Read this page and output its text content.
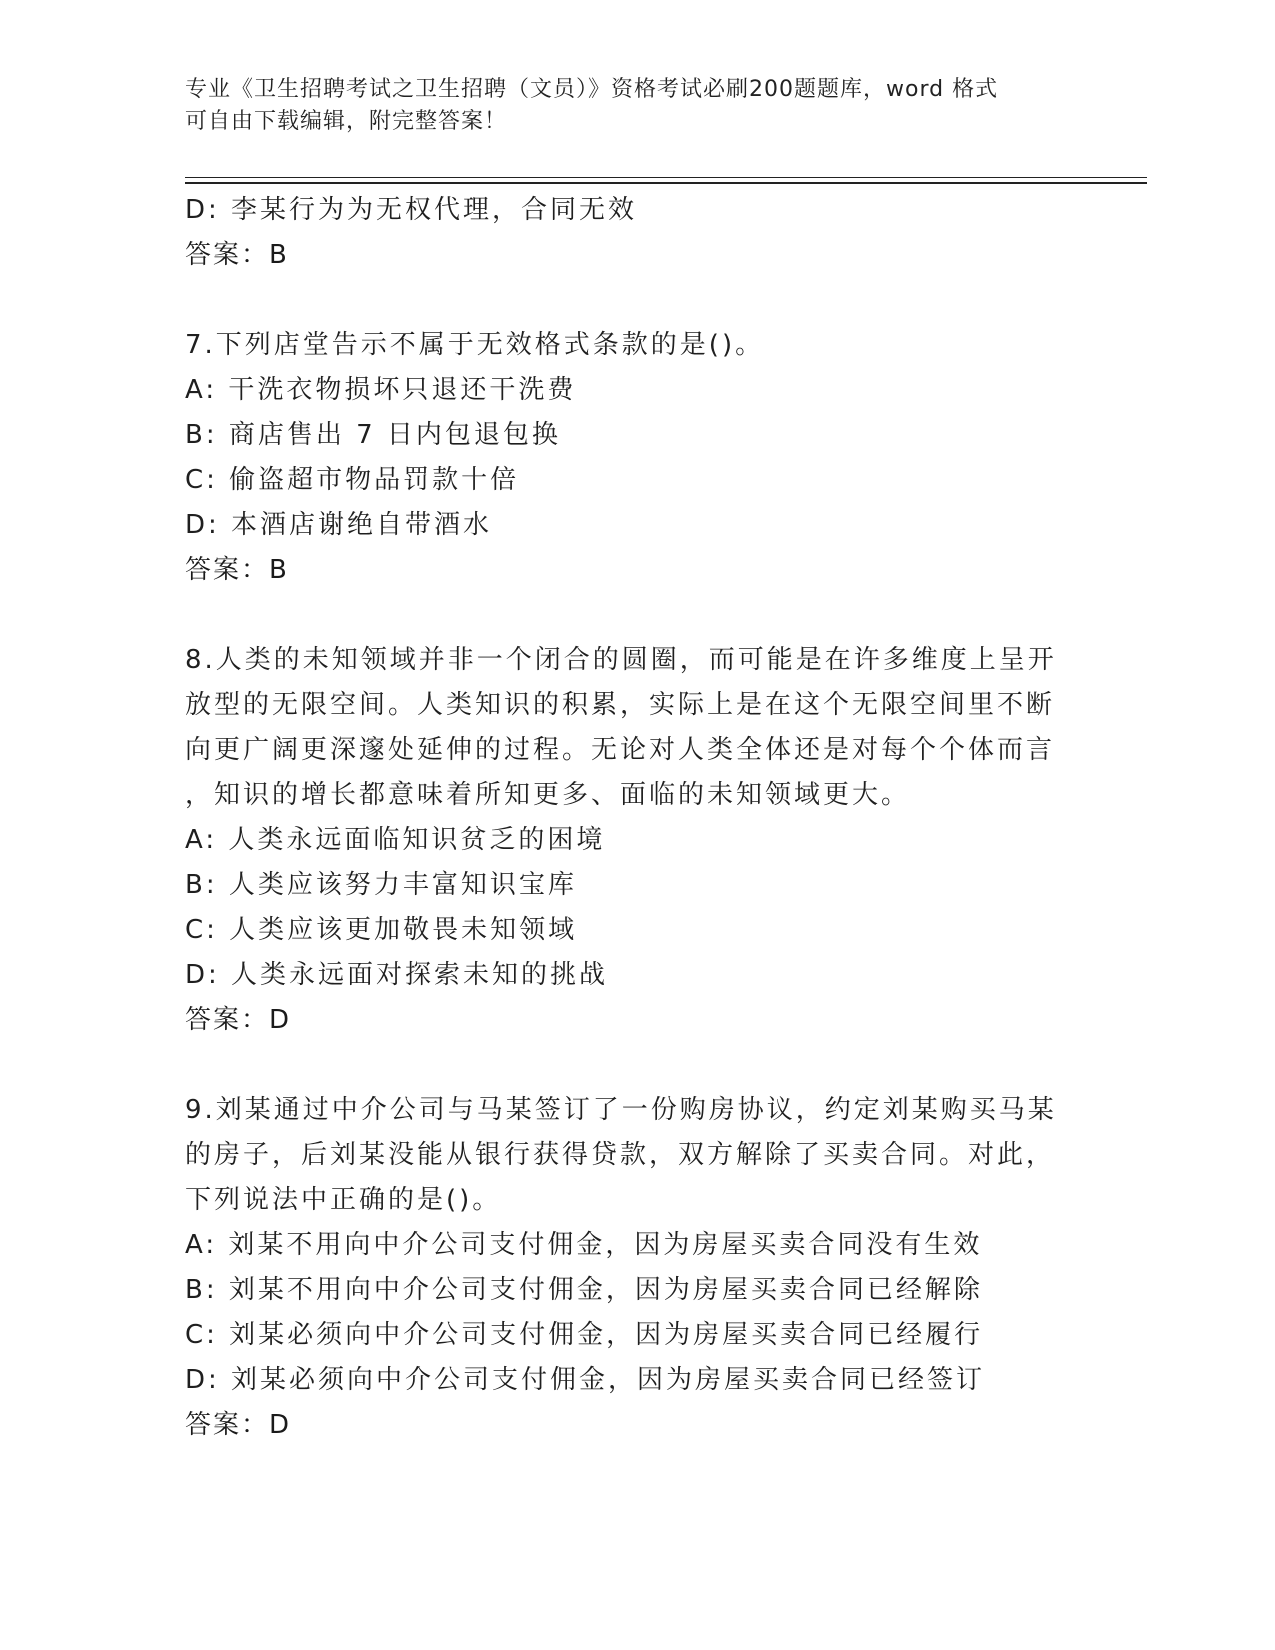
专业《卫生招聘考试之卫生招聘（文员）》资格考试必刷200题题库，word 格式
可自由下载编辑，附完整答案！
D: 李某行为为无权代理，合同无效
答案：B
7.下列店堂告示不属于无效格式条款的是()。
A: 干洗衣物损坏只退还干洗费
B: 商店售出 7 日内包退包换
C: 偷盗超市物品罚款十倍
D: 本酒店谢绝自带酒水
答案：B
8.人类的未知领域并非一个闭合的圆圈，而可能是在许多维度上呈开
放型的无限空间。人类知识的积累，实际上是在这个无限空间里不断
向更广阔更深邃处延伸的过程。无论对人类全体还是对每个个体而言
，知识的增长都意味着所知更多、面临的未知领域更大。
A: 人类永远面临知识贫乏的困境
B: 人类应该努力丰富知识宝库
C: 人类应该更加敬畏未知领域
D: 人类永远面对探索未知的挑战
答案：D
9.刘某通过中介公司与马某签订了一份购房协议，约定刘某购买马某
的房子，后刘某没能从银行获得贷款，双方解除了买卖合同。对此，
下列说法中正确的是()。
A: 刘某不用向中介公司支付佣金，因为房屋买卖合同没有生效
B: 刘某不用向中介公司支付佣金，因为房屋买卖合同已经解除
C: 刘某必须向中介公司支付佣金，因为房屋买卖合同已经履行
D: 刘某必须向中介公司支付佣金，因为房屋买卖合同已经签订
答案：D
